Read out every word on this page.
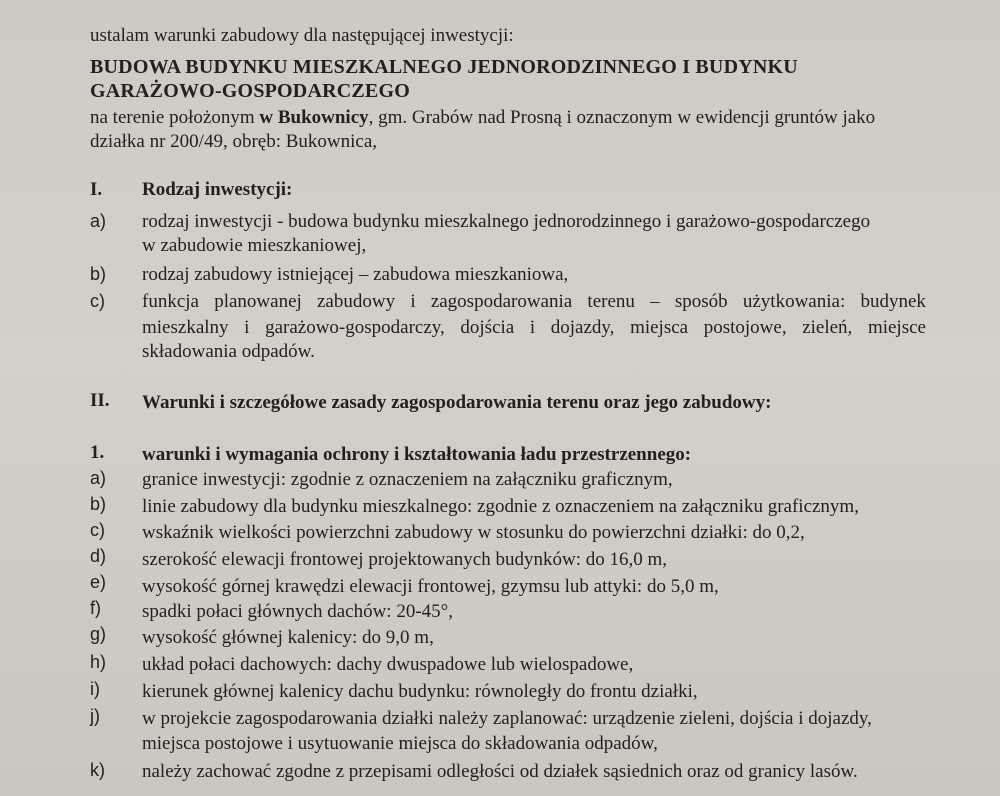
ustalam warunki zabudowy dla następującej inwestycji:
BUDOWA BUDYNKU MIESZKALNEGO JEDNORODZINNEGO I BUDYNKU
GARAŻOWO-GOSPODARCZEGO
na terenie położonym w Bukownicy, gm. Grabów nad Prosną i oznaczonym w ewidencji gruntów jako
działka nr 200/49, obręb: Bukownica,
I. Rodzaj inwestycji:
a) rodzaj inwestycji - budowa budynku mieszkalnego jednorodzinnego i garażowo-gospodarczego
w zabudowie mieszkaniowej,
b) rodzaj zabudowy istniejącej – zabudowa mieszkaniowa,
c) funkcja planowanej zabudowy i zagospodarowania terenu – sposób użytkowania: budynek
mieszkalny i garażowo-gospodarczy, dojścia i dojazdy, miejsca postojowe, zieleń, miejsce
składowania odpadów.
II. Warunki i szczegółowe zasady zagospodarowania terenu oraz jego zabudowy:
1. warunki i wymagania ochrony i kształtowania ładu przestrzennego:
a) granice inwestycji: zgodnie z oznaczeniem na załączniku graficznym,
b) linie zabudowy dla budynku mieszkalnego: zgodnie z oznaczeniem na załączniku graficznym,
c) wskaźnik wielkości powierzchni zabudowy w stosunku do powierzchni działki: do 0,2,
d) szerokość elewacji frontowej projektowanych budynków: do 16,0 m,
e) wysokość górnej krawędzi elewacji frontowej, gzymsu lub attyki: do 5,0 m,
f) spadki połaci głównych dachów: 20-45°,
g) wysokość głównej kalenicy: do 9,0 m,
h) układ połaci dachowych: dachy dwuspadowe lub wielospadowe,
i) kierunek głównej kalenicy dachu budynku: równoległy do frontu działki,
j) w projekcie zagospodarowania działki należy zaplanować: urządzenie zieleni, dojścia i dojazdy,
miejsca postojowe i usytuowanie miejsca do składowania odpadów,
k) należy zachować zgodne z przepisami odległości od działek sąsiednich oraz od granicy lasów.
